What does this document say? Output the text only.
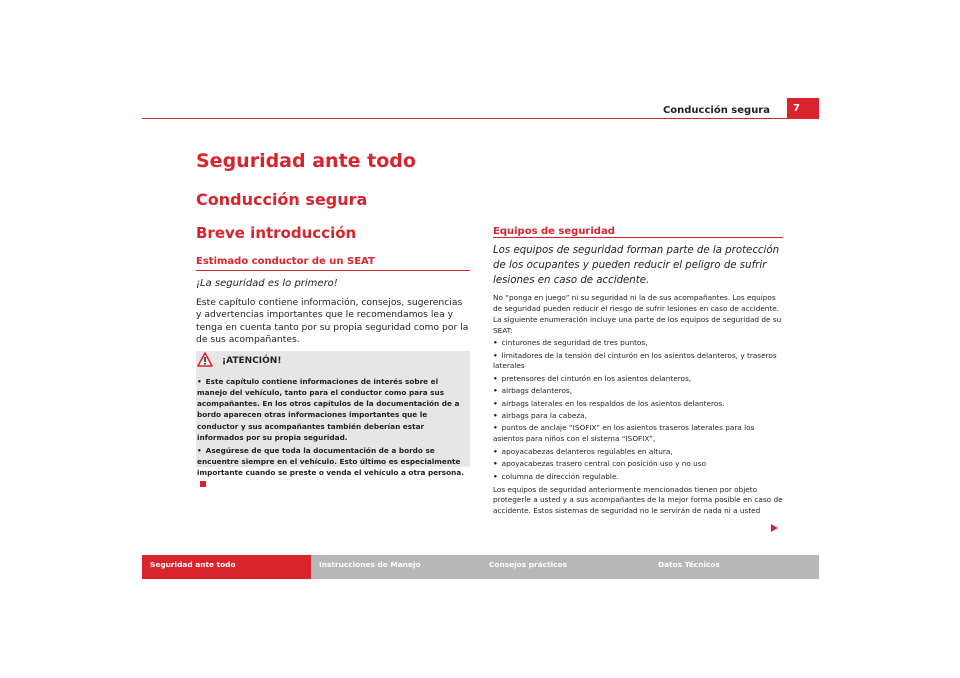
Conducción segura 7
Seguridad ante todo
Conducción segura
Breve introducción
Estimado conductor de un SEAT
¡La seguridad es lo primero!
Este capítulo contiene información, consejos, sugerencias y advertencias importantes que le recomendamos lea y tenga en cuenta tanto por su propia seguridad como por la de sus acompañantes.
¡ATENCIÓN!
• Este capítulo contiene informaciones de interés sobre el manejo del vehículo, tanto para el conductor como para sus acompañantes. En los otros capítulos de la documentación de a bordo aparecen otras informaciones importantes que le conductor y sus acompañantes también deberían estar informados por su propia seguridad.
• Asegúrese de que toda la documentación de a bordo se encuentre siempre en el vehículo. Esto último es especialmente importante cuando se preste o venda el vehículo a otra persona.
Equipos de seguridad
Los equipos de seguridad forman parte de la protección de los ocupantes y pueden reducir el peligro de sufrir lesiones en caso de accidente.
No “ponga en juego” ni su seguridad ni la de sus acompañantes. Los equipos de seguridad pueden reducir el riesgo de sufrir lesiones en caso de accidente. La siguiente enumeración incluye una parte de los equipos de seguridad de su SEAT:
• cinturones de seguridad de tres puntos,
• limitadores de la tensión del cinturón en los asientos delanteros, y traseros laterales
• pretensores del cinturón en los asientos delanteros,
• airbags delanteros,
• airbags laterales en los respaldos de los asientos delanteros.
• airbags para la cabeza,
• puntos de anclaje “ISOFIX” en los asientos traseros laterales para los asientos para niños con el sistema “ISOFIX”,
• apoyacabezas delanteros regulables en altura,
• apoyacabezas trasero central con posición uso y no uso
• columna de dirección regulable.
Los equipos de seguridad anteriormente mencionados tienen por objeto protegerle a usted y a sus acompañantes de la mejor forma posible en caso de accidente. Estos sistemas de seguridad no le servirán de nada ni a usted
Seguridad ante todo	Instrucciones de Manejo	Consejos prácticos	Datos Técnicos
